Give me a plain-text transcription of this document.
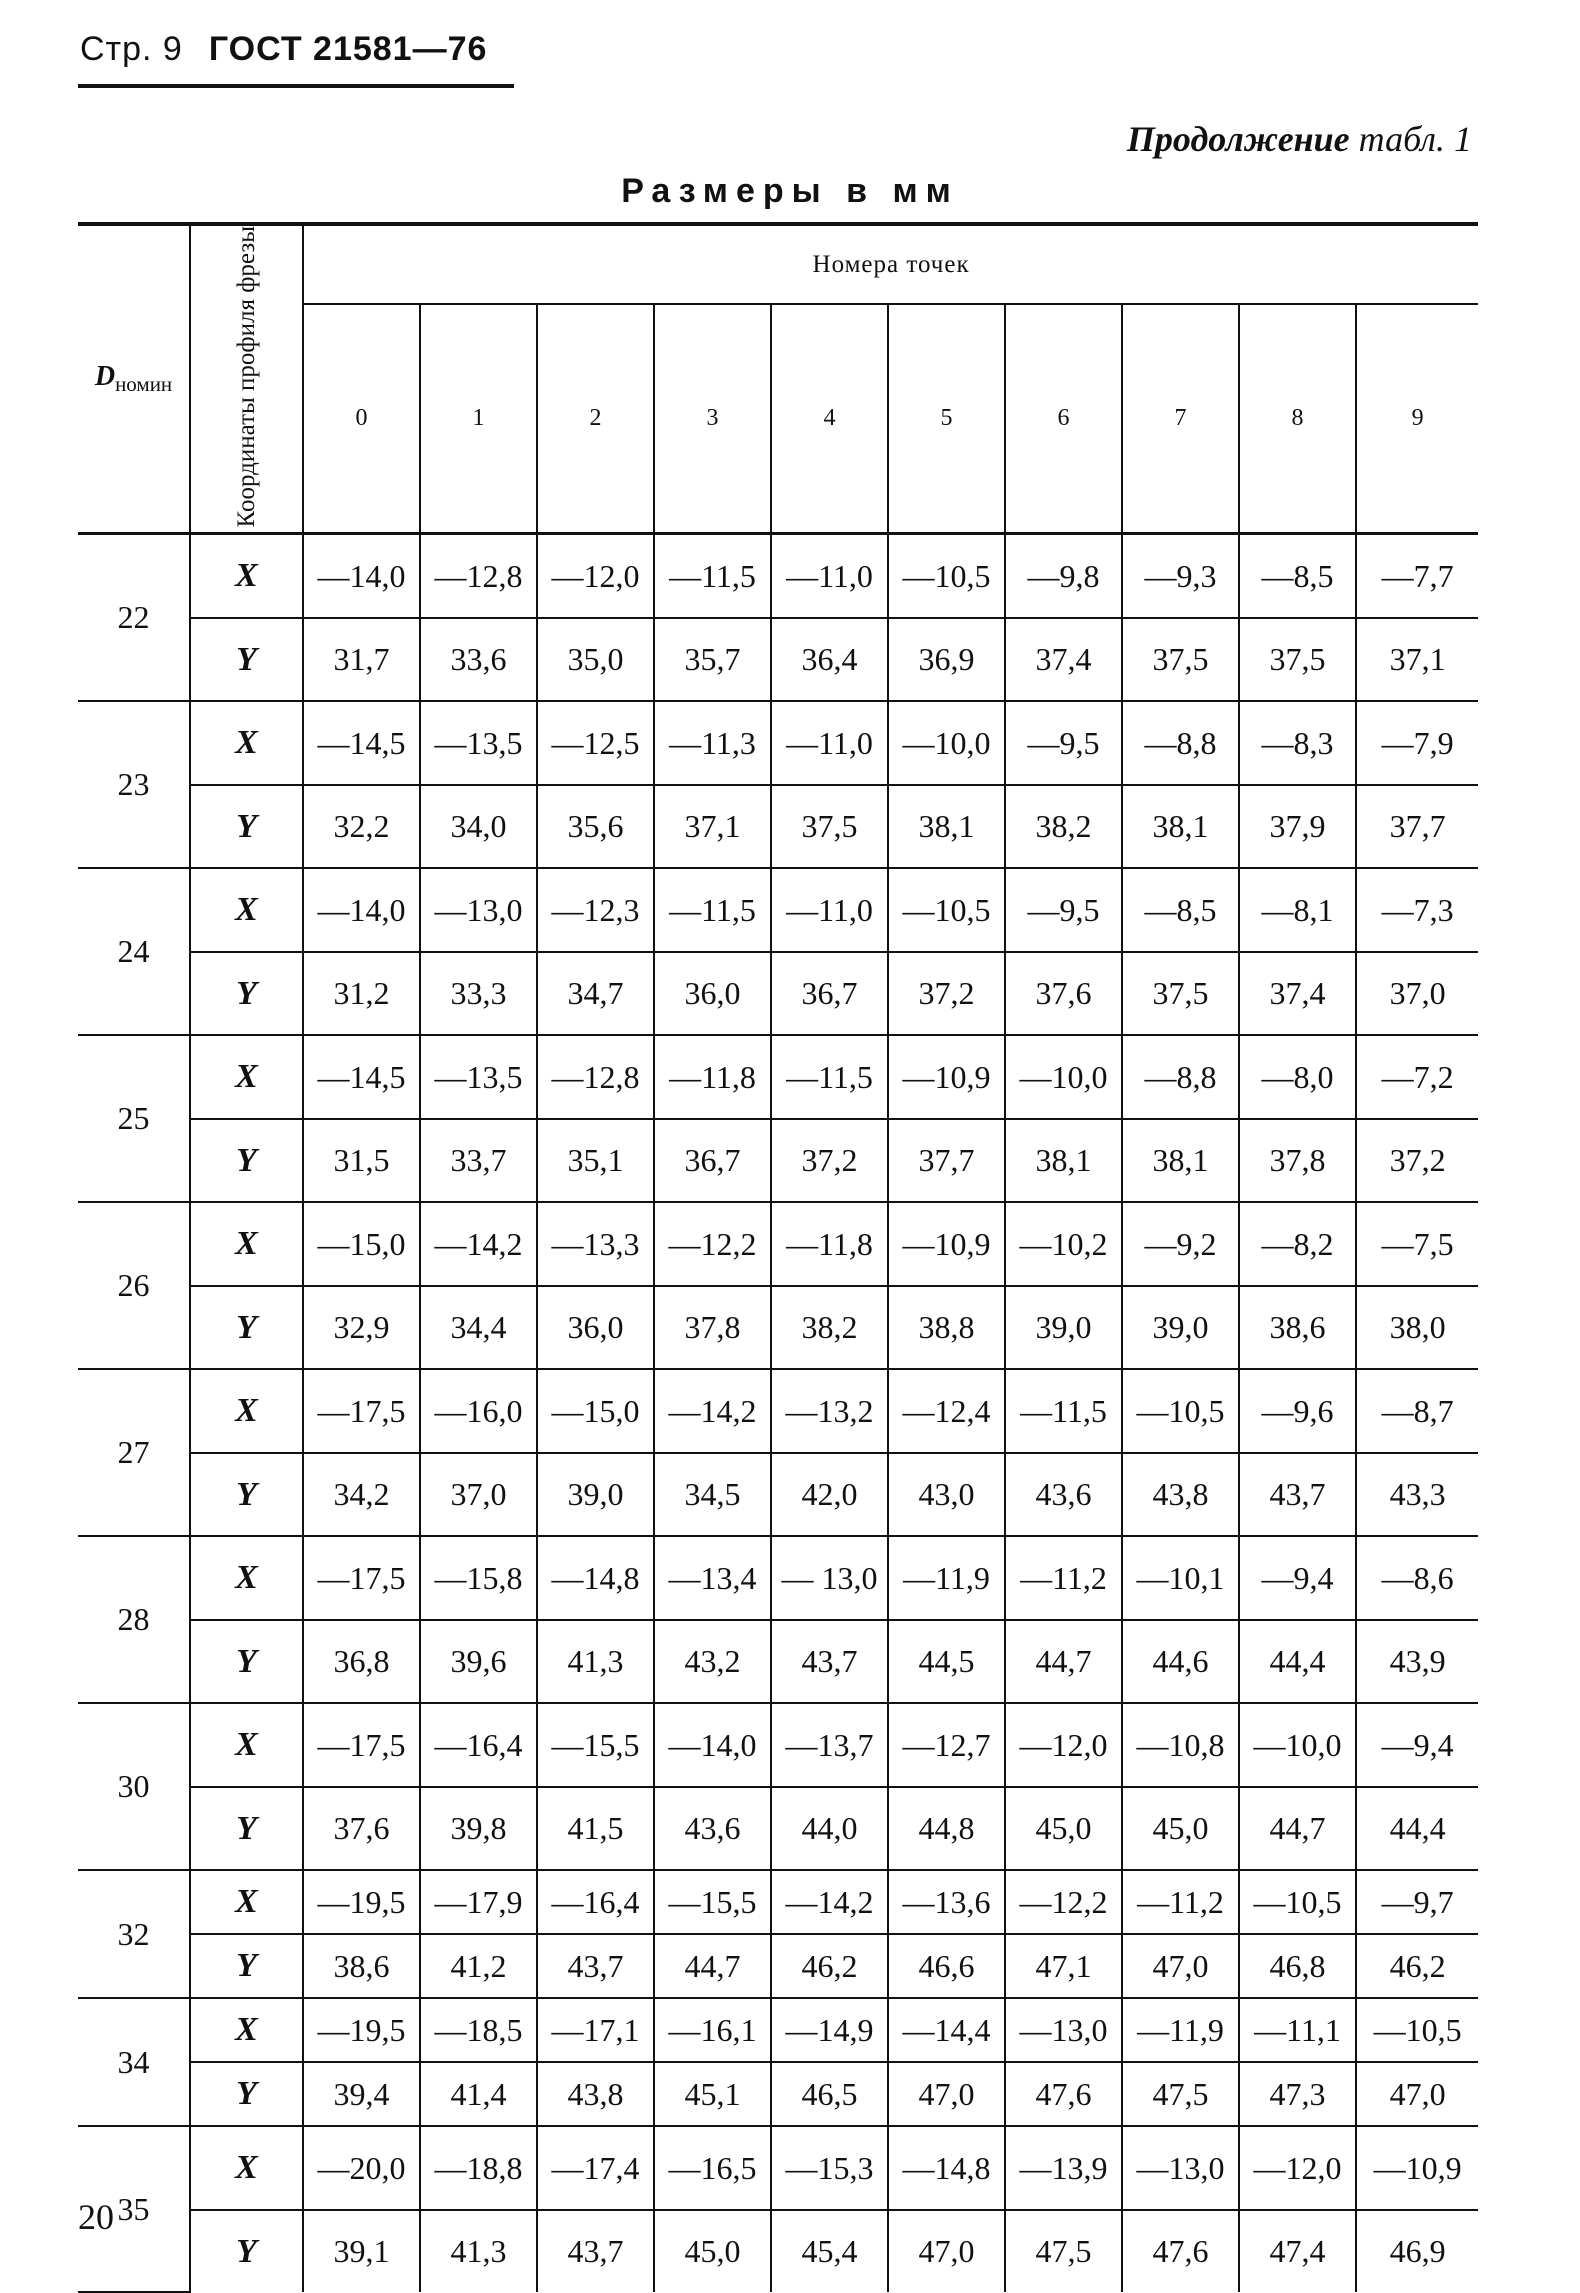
Стр. 9 ГОСТ 21581—76
Продолжение табл. 1
Размеры в мм
$D_{номин}$	Координаты профиля фрезы	Номера точек									
		0	1	2	3	4	5	6	7	8	9
22	X	—14,0	—12,8	—12,0	—11,5	—11,0	—10,5	—9,8	—9,3	—8,5	—7,7
	Y	31,7	33,6	35,0	35,7	36,4	36,9	37,4	37,5	37,5	37,1
23	X	—14,5	—13,5	—12,5	—11,3	—11,0	—10,0	—9,5	—8,8	—8,3	—7,9
	Y	32,2	34,0	35,6	37,1	37,5	38,1	38,2	38,1	37,9	37,7
24	X	—14,0	—13,0	—12,3	—11,5	—11,0	—10,5	—9,5	—8,5	—8,1	—7,3
	Y	31,2	33,3	34,7	36,0	36,7	37,2	37,6	37,5	37,4	37,0
25	X	—14,5	—13,5	—12,8	—11,8	—11,5	—10,9	—10,0	—8,8	—8,0	—7,2
	Y	31,5	33,7	35,1	36,7	37,2	37,7	38,1	38,1	37,8	37,2
26	X	—15,0	—14,2	—13,3	—12,2	—11,8	—10,9	—10,2	—9,2	—8,2	—7,5
	Y	32,9	34,4	36,0	37,8	38,2	38,8	39,0	39,0	38,6	38,0
27	X	—17,5	—16,0	—15,0	—14,2	—13,2	—12,4	—11,5	—10,5	—9,6	—8,7
	Y	34,2	37,0	39,0	34,5	42,0	43,0	43,6	43,8	43,7	43,3
28	X	—17,5	—15,8	—14,8	—13,4	— 13,0	—11,9	—11,2	—10,1	—9,4	—8,6
	Y	36,8	39,6	41,3	43,2	43,7	44,5	44,7	44,6	44,4	43,9
30	X	—17,5	—16,4	—15,5	—14,0	—13,7	—12,7	—12,0	—10,8	—10,0	—9,4
	Y	37,6	39,8	41,5	43,6	44,0	44,8	45,0	45,0	44,7	44,4
32	X	—19,5	—17,9	—16,4	—15,5	—14,2	—13,6	—12,2	—11,2	—10,5	—9,7
	Y	38,6	41,2	43,7	44,7	46,2	46,6	47,1	47,0	46,8	46,2
34	X	—19,5	—18,5	—17,1	—16,1	—14,9	—14,4	—13,0	—11,9	—11,1	—10,5
	Y	39,4	41,4	43,8	45,1	46,5	47,0	47,6	47,5	47,3	47,0
35	X	—20,0	—18,8	—17,4	—16,5	—15,3	—14,8	—13,9	—13,0	—12,0	—10,9
	Y	39,1	41,3	43,7	45,0	45,4	47,0	47,5	47,6	47,4	46,9
20
